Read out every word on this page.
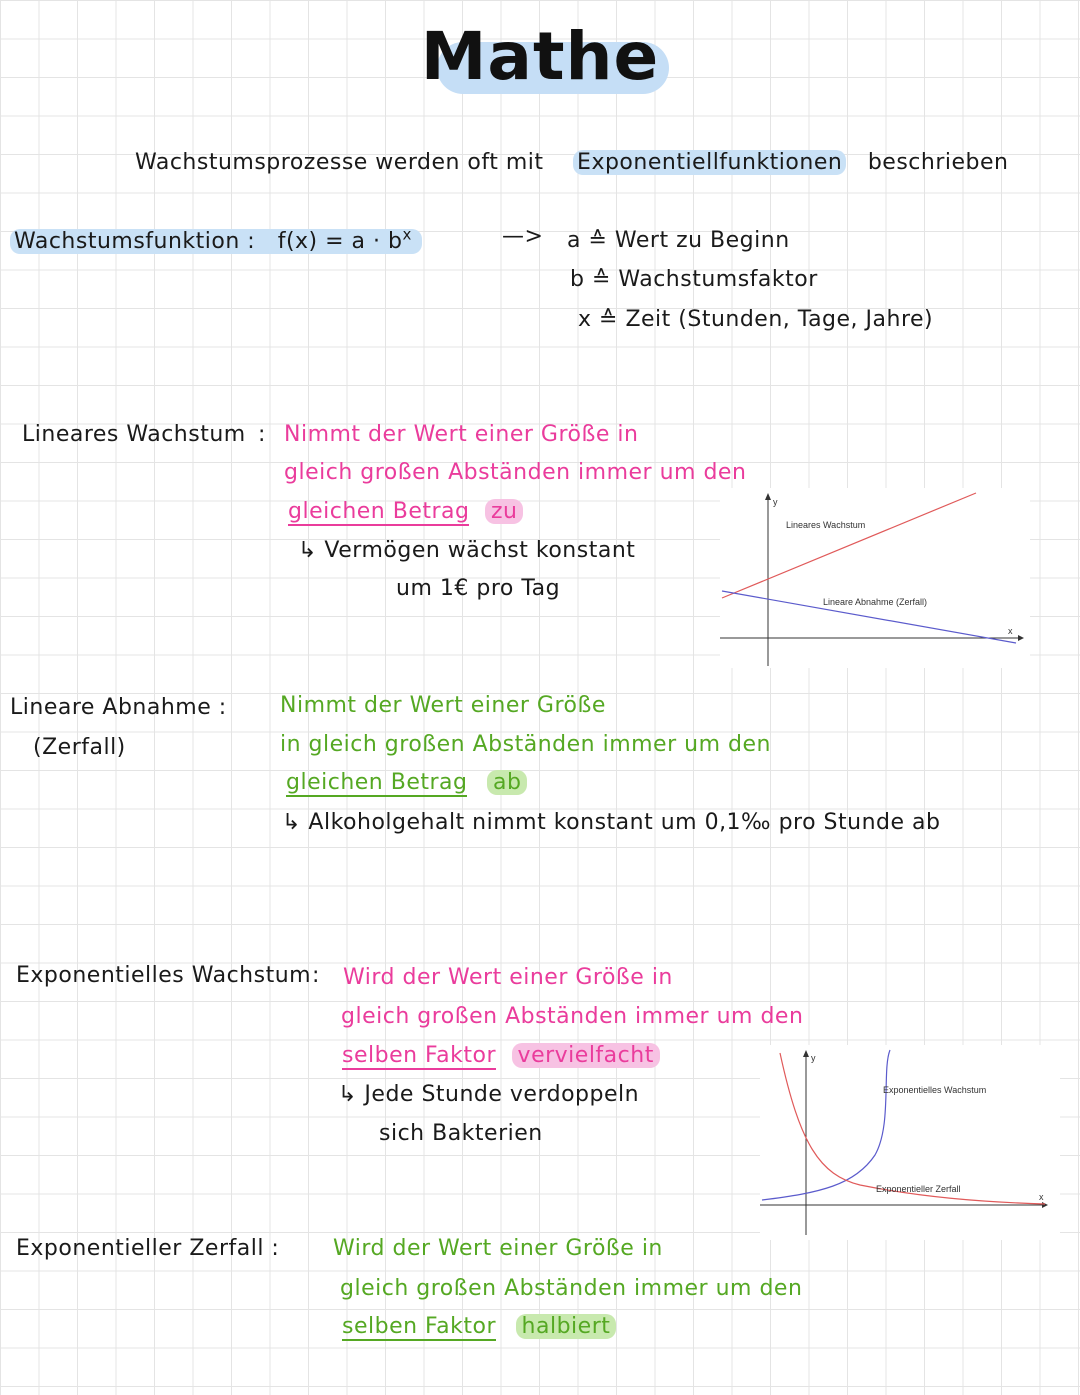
Mathe
Wachstumsprozesse werden oft mit Exponentiellfunktionen beschrieben
Wachstumsfunktion : $f(x) = a \cdot b^x$	—> a ≙ Wert zu Beginn
b ≙ Wachstumsfaktor
x ≙ Zeit (Stunden, Tage, Jahre)
Lineares Wachstum : Nimmt der Wert einer Größe in
gleich großen Abständen immer um den
gleichen Betrag zu
↳ Vermögen wächst konstant
um 1€ pro Tag
y
x
Lineares Wachstum
Lineare Abnahme (Zerfall)
Lineare Abnahme :
(Zerfall)
Nimmt der Wert einer Größe
in gleich großen Abständen immer um den
gleichen Betrag ab
↳ Alkoholgehalt nimmt konstant um 0,1‰ pro Stunde ab
Exponentielles Wachstum : Wird der Wert einer Größe in
gleich großen Abständen immer um den
selben Faktor vervielfacht
↳ Jede Stunde verdoppeln
sich Bakterien
y
x
Exponentielles Wachstum
Exponentieller Zerfall
Exponentieller Zerfall : Wird der Wert einer Größe in
gleich großen Abständen immer um den
selben Faktor halbiert
